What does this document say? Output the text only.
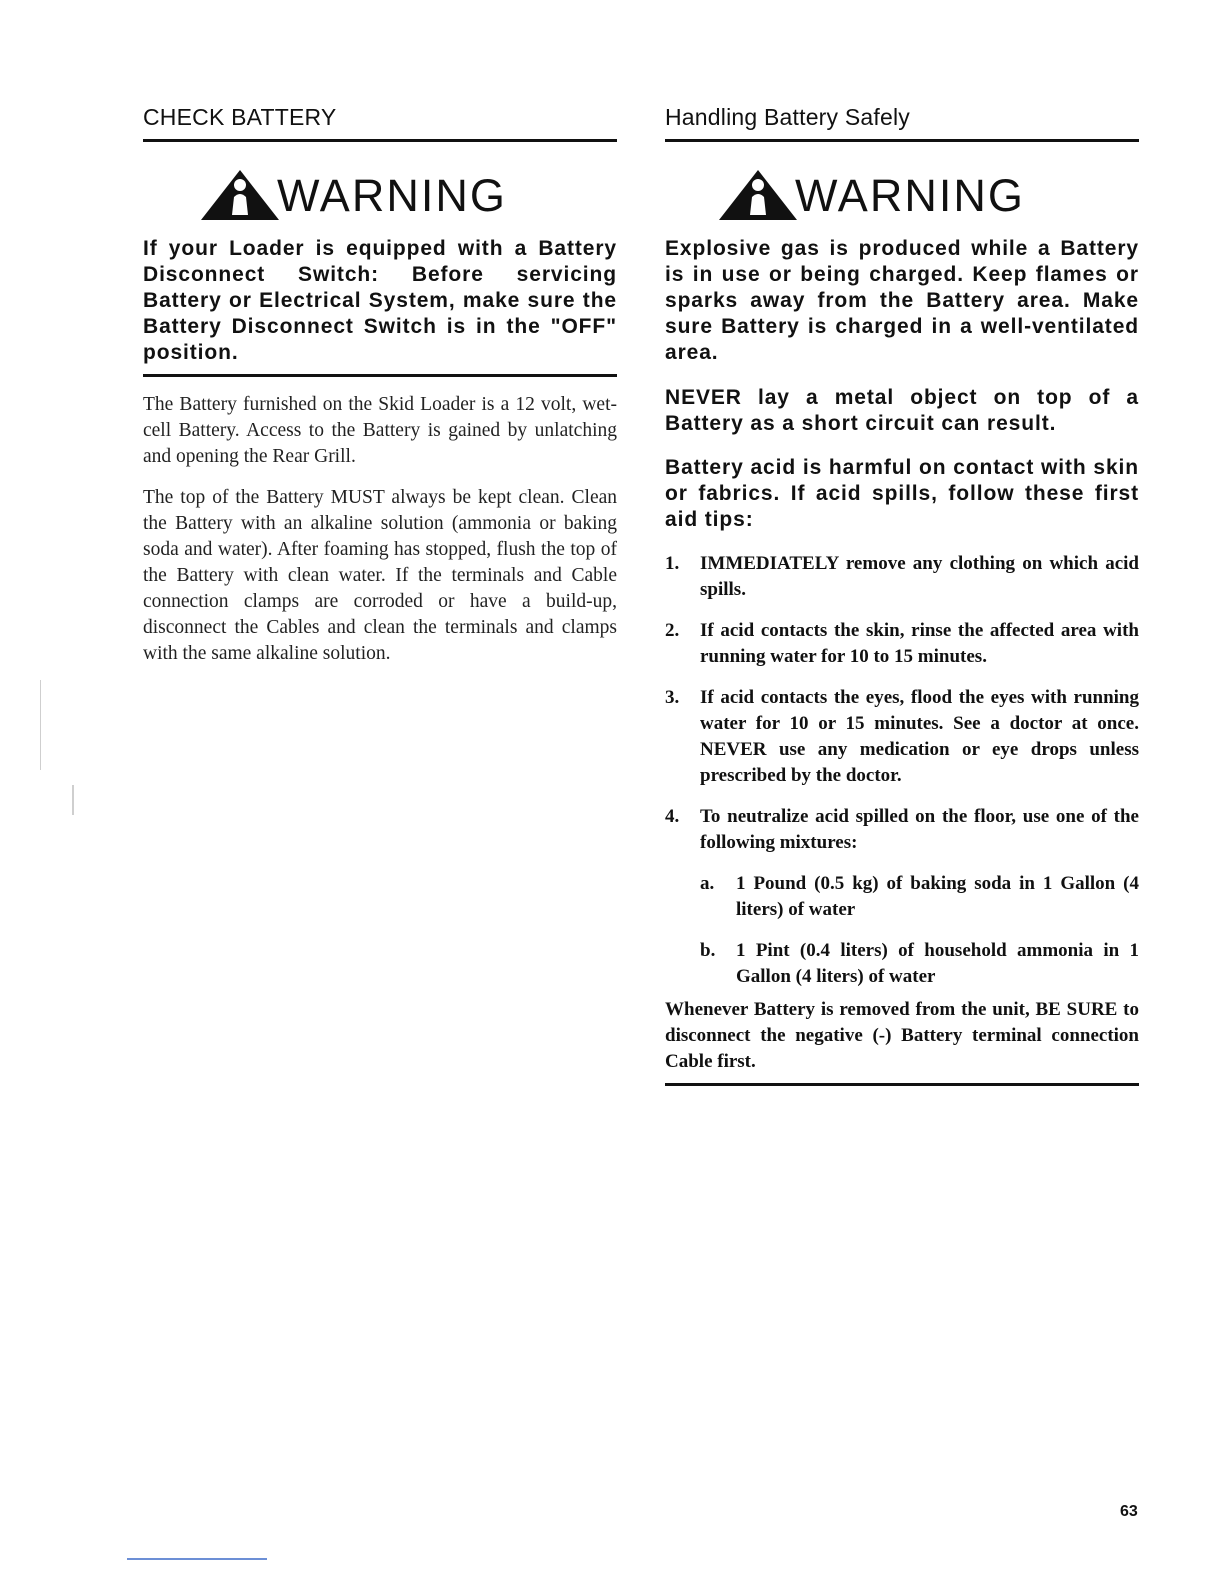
CHECK BATTERY
WARNING

If your Loader is equipped with a Battery Disconnect Switch: Before servicing Battery or Electrical System, make sure the Battery Disconnect Switch is in the "OFF" position.

The Battery furnished on the Skid Loader is a 12 volt, wet-cell Battery. Access to the Battery is gained by unlatching and opening the Rear Grill.

The top of the Battery MUST always be kept clean. Clean the Battery with an alkaline solution (ammonia or baking soda and water). After foaming has stopped, flush the top of the Battery with clean water. If the terminals and Cable connection clamps are corroded or have a build-up, disconnect the Cables and clean the terminals and clamps with the same alkaline solution.

Handling Battery Safely
WARNING

Explosive gas is produced while a Battery is in use or being charged. Keep flames or sparks away from the Battery area. Make sure Battery is charged in a well-ventilated area.

NEVER lay a metal object on top of a Battery as a short circuit can result.

Battery acid is harmful on contact with skin or fabrics. If acid spills, follow these first aid tips:

1. IMMEDIATELY remove any clothing on which acid spills.
2. If acid contacts the skin, rinse the affected area with running water for 10 to 15 minutes.
3. If acid contacts the eyes, flood the eyes with running water for 10 or 15 minutes. See a doctor at once. NEVER use any medication or eye drops unless prescribed by the doctor.
4. To neutralize acid spilled on the floor, use one of the following mixtures:
a. 1 Pound (0.5 kg) of baking soda in 1 Gallon (4 liters) of water
b. 1 Pint (0.4 liters) of household ammonia in 1 Gallon (4 liters) of water

Whenever Battery is removed from the unit, BE SURE to disconnect the negative (-) Battery terminal connection Cable first.

63
